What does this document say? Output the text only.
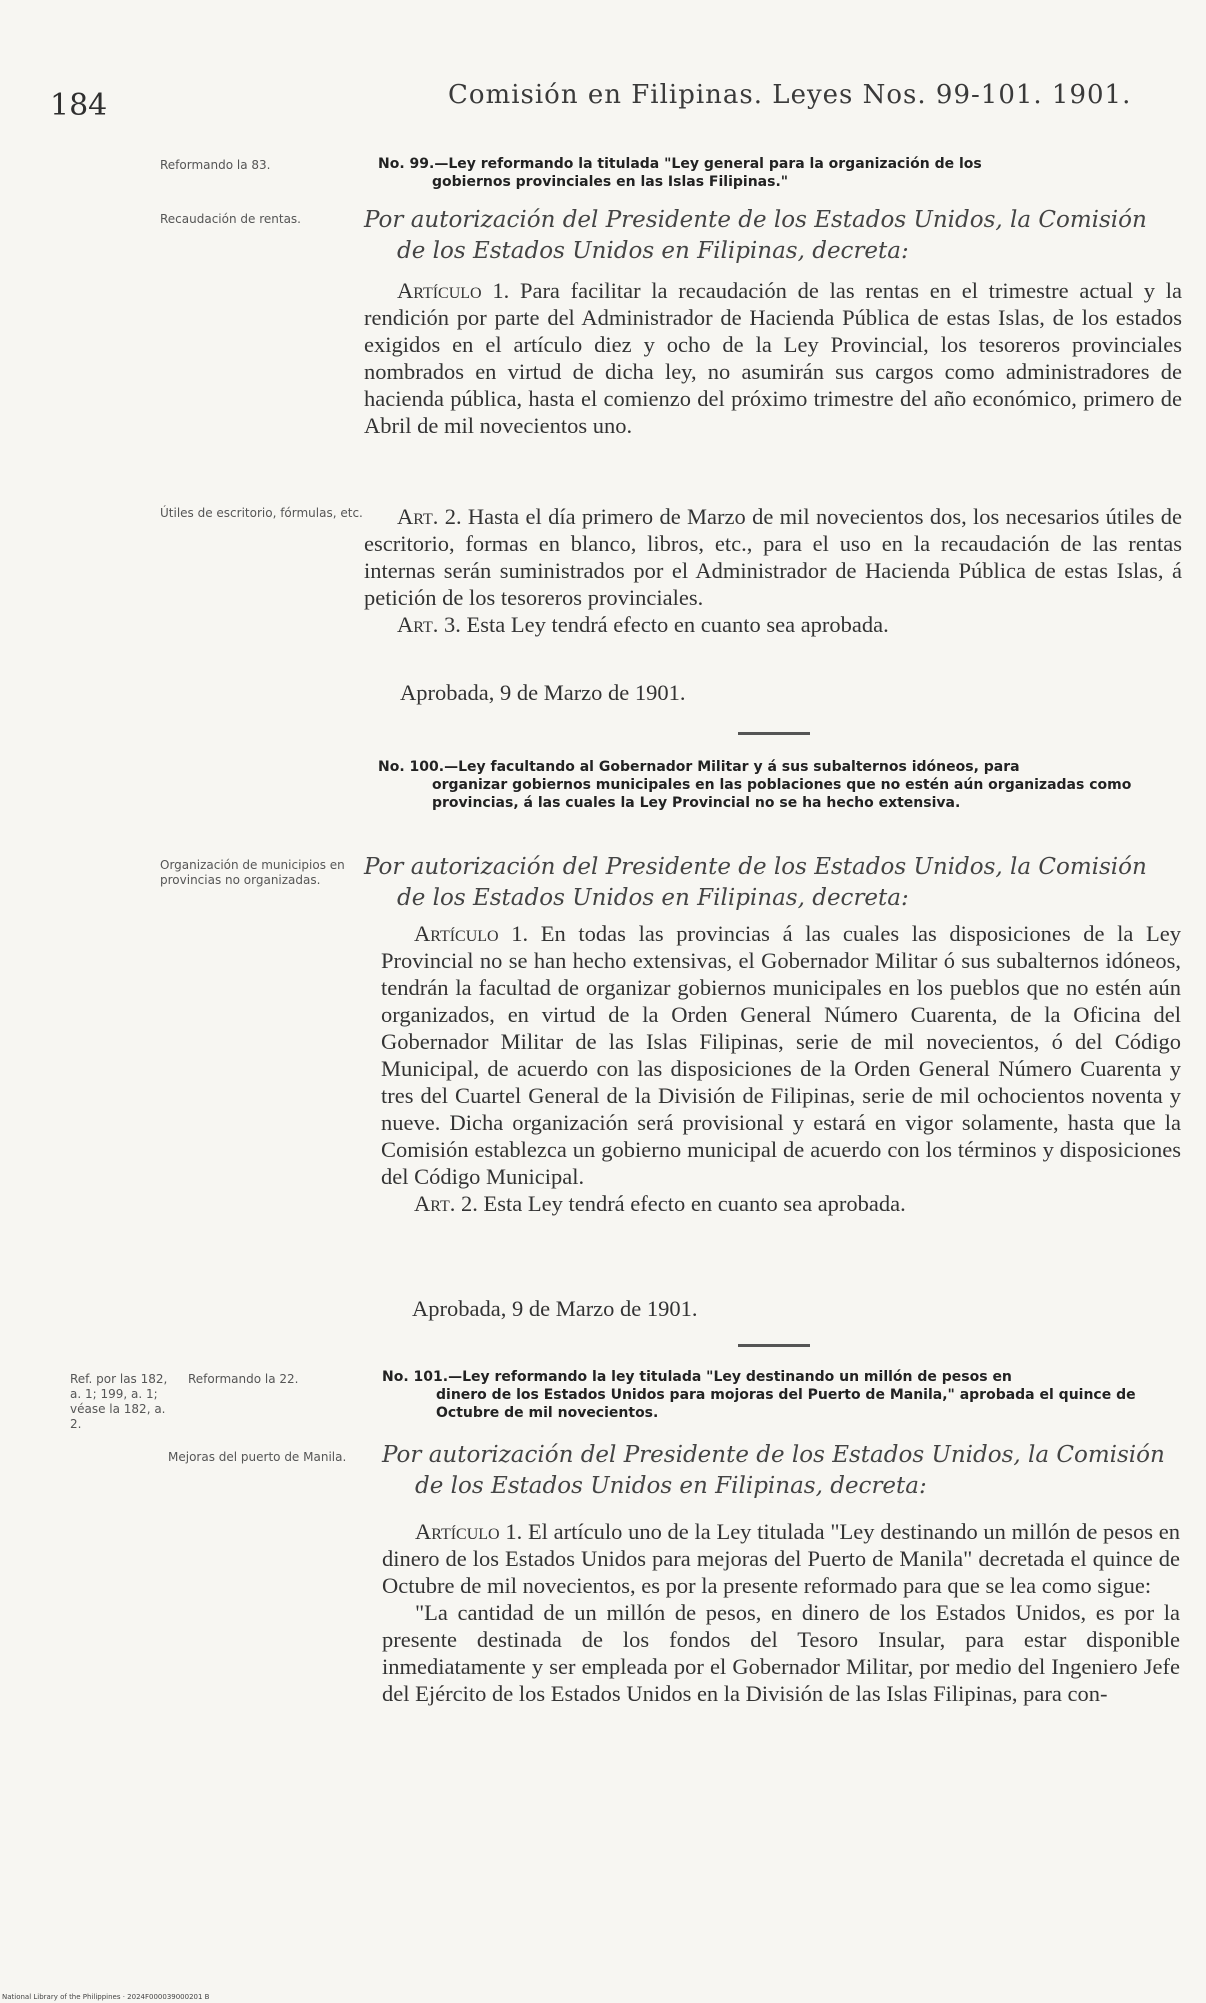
184	Comisión en Filipinas. Leyes Nos. 99-101. 1901.
Reformando la 83.	No. 99.—Ley reformando la titulada "Ley general para la organización de los
gobiernos provinciales en las Islas Filipinas."
Recaudación de rentas.	Por autorización del Presidente de los Estados Unidos, la Comisión
de los Estados Unidos en Filipinas, decreta:

Artículo 1. Para facilitar la recaudación de las rentas en el trimestre actual y la rendición por parte del Administrador de Hacienda Pública de estas Islas, de los estados exigidos en el artículo diez y ocho de la Ley Provincial, los tesoreros provinciales nombrados en virtud de dicha ley, no asumirán sus cargos como administradores de hacienda pública, hasta el comienzo del próximo trimestre del año económico, primero de Abril de mil novecientos uno.

Útiles de escritorio, fórmulas, etc.	Art. 2. Hasta el día primero de Marzo de mil novecientos dos, los necesarios útiles de escritorio, formas en blanco, libros, etc., para el uso en la recaudación de las rentas internas serán suministrados por el Administrador de Hacienda Pública de estas Islas, á petición de los tesoreros provinciales.

Art. 3. Esta Ley tendrá efecto en cuanto sea aprobada.

Aprobada, 9 de Marzo de 1901.
No. 100.—Ley facultando al Gobernador Militar y á sus subalternos idóneos, para
organizar gobiernos municipales en las poblaciones que no estén aún organizadas como provincias, á las cuales la Ley Provincial no se ha hecho extensiva.
Organización de municipios en provincias no organizadas.	Por autorización del Presidente de los Estados Unidos, la Comisión
de los Estados Unidos en Filipinas, decreta:

Artículo 1. En todas las provincias á las cuales las disposiciones de la Ley Provincial no se han hecho extensivas, el Gobernador Militar ó sus subalternos idóneos, tendrán la facultad de organizar gobiernos municipales en los pueblos que no estén aún organizados, en virtud de la Orden General Número Cuarenta, de la Oficina del Gobernador Militar de las Islas Filipinas, serie de mil novecientos, ó del Código Municipal, de acuerdo con las disposiciones de la Orden General Número Cuarenta y tres del Cuartel General de la División de Filipinas, serie de mil ochocientos noventa y nueve. Dicha organización será provisional y estará en vigor solamente, hasta que la Comisión establezca un gobierno municipal de acuerdo con los términos y disposiciones del Código Municipal.

Art. 2. Esta Ley tendrá efecto en cuanto sea aprobada.

Aprobada, 9 de Marzo de 1901.
Ref. por las 182, a. 1; 199, a. 1; véase la 182, a. 2.
Reformando la 22.	No. 101.—Ley reformando la ley titulada "Ley destinando un millón de pesos en
dinero de los Estados Unidos para mojoras del Puerto de Manila," aprobada el quince de Octubre de mil novecientos.
Mejoras del puerto de Manila.	Por autorización del Presidente de los Estados Unidos, la Comisión
de los Estados Unidos en Filipinas, decreta:

Artículo 1. El artículo uno de la Ley titulada "Ley destinando un millón de pesos en dinero de los Estados Unidos para mejoras del Puerto de Manila" decretada el quince de Octubre de mil novecientos, es por la presente reformado para que se lea como sigue:

"La cantidad de un millón de pesos, en dinero de los Estados Unidos, es por la presente destinada de los fondos del Tesoro Insular, para estar disponible inmediatamente y ser empleada por el Gobernador Militar, por medio del Ingeniero Jefe del Ejército de los Estados Unidos en la División de las Islas Filipinas, para con-

National Library of the Philippines · 2024F000039000201 B
